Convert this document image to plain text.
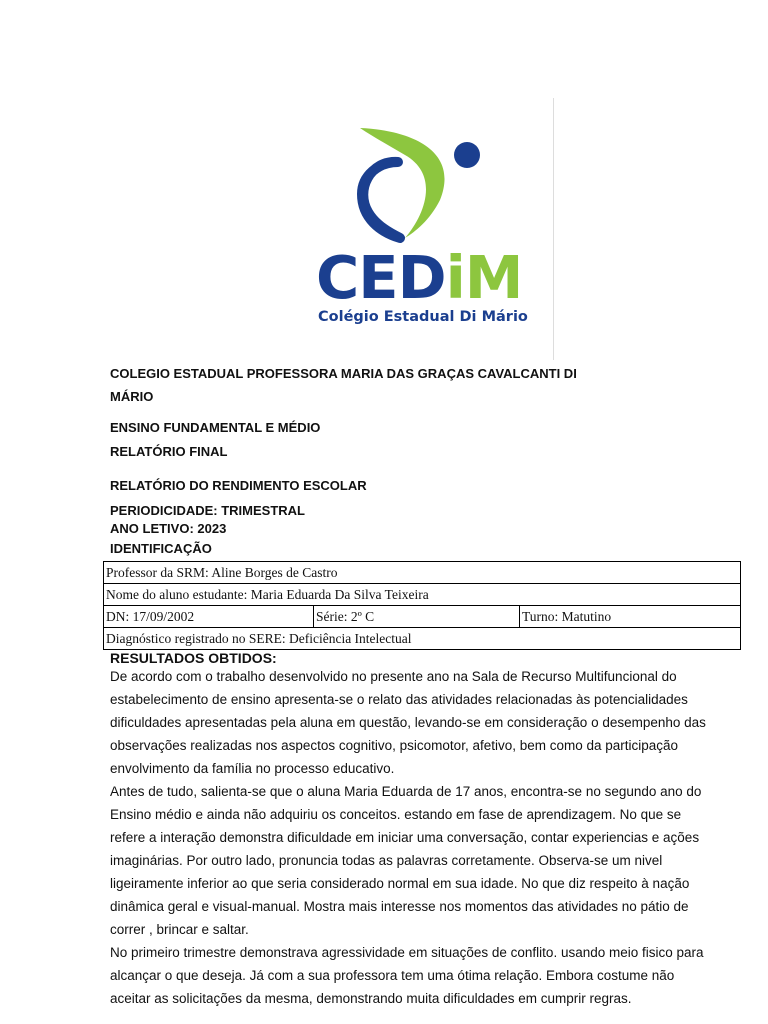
CEDiM
Colégio Estadual Di Mário
COLEGIO ESTADUAL PROFESSORA MARIA DAS GRAÇAS CAVALCANTI DI
MÁRIO
ENSINO FUNDAMENTAL E MÉDIO
RELATÓRIO FINAL
RELATÓRIO DO RENDIMENTO ESCOLAR
PERIODICIDADE: TRIMESTRAL
ANO LETIVO: 2023
IDENTIFICAÇÃO
Professor da SRM: Aline Borges de Castro
Nome do aluno estudante: Maria Eduarda Da Silva Teixeira
DN: 17/09/2002	Série: 2º C	Turno: Matutino
Diagnóstico registrado no SERE: Deficiência Intelectual
RESULTADOS OBTIDOS:
De acordo com o trabalho desenvolvido no presente ano na Sala de Recurso Multifuncional do
estabelecimento de ensino apresenta-se o relato das atividades relacionadas às potencialidades
dificuldades apresentadas pela aluna em questão, levando-se em consideração o desempenho das
observações realizadas nos aspectos cognitivo, psicomotor, afetivo, bem como da participação
envolvimento da família no processo educativo.
Antes de tudo, salienta-se que o aluna Maria Eduarda de 17 anos, encontra-se no segundo ano do
Ensino médio e ainda não adquiriu os conceitos. estando em fase de aprendizagem. No que se
refere a interação demonstra dificuldade em iniciar uma conversação, contar experiencias e ações
imaginárias. Por outro lado, pronuncia todas as palavras corretamente. Observa-se um nivel
ligeiramente inferior ao que seria considerado normal em sua idade. No que diz respeito à nação
dinâmica geral e visual-manual. Mostra mais interesse nos momentos das atividades no pátio de
correr , brincar e saltar.
No primeiro trimestre demonstrava agressividade em situações de conflito. usando meio fisico para
alcançar o que deseja. Já com a sua professora tem uma ótima relação. Embora costume não
aceitar as solicitações da mesma, demonstrando muita dificuldades em cumprir regras.
